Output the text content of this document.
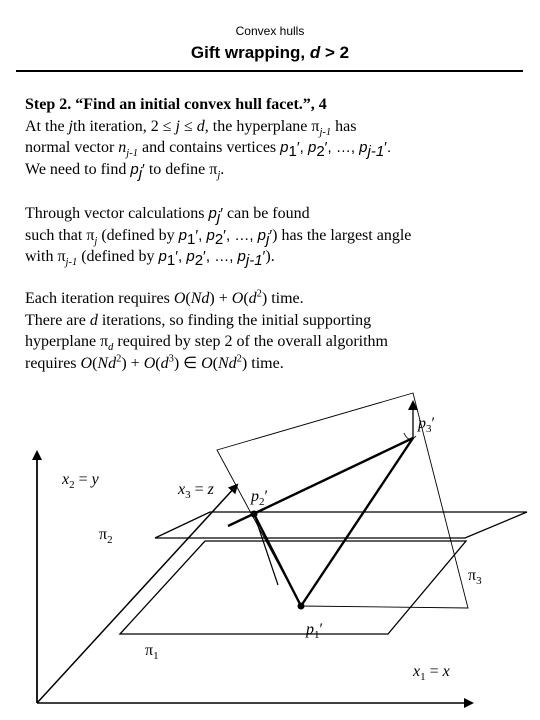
Convex hulls
Gift wrapping, d > 2
Step 2. “Find an initial convex hull facet.”, 4
At the jth iteration, 2 ≤ j ≤ d, the hyperplane $\pi_{j-1}$ has
normal vector $n_{j-1}$ and contains vertices $p_1'$, $p_2'$, …, $p_{j-1}'$.
We need to find $p_j'$ to define $\pi_j$.
Through vector calculations $p_j'$ can be found
such that $\pi_j$ (defined by $p_1'$, $p_2'$, …, $p_j'$) has the largest angle
with $\pi_{j-1}$ (defined by $p_1'$, $p_2'$, …, $p_{j-1}'$).
Each iteration requires $O(Nd) + O(d^2)$ time.
There are d iterations, so finding the initial supporting
hyperplane $\pi_d$ required by step 2 of the overall algorithm
requires $O(Nd^2) + O(d^3)$ ∈ O(Nd$^2$) time.
$p_3'$
$p_2'$
$p_1'$
$x_2 = y$
$x_3 = z$
$x_1 = x$
$\pi_2$
$\pi_3$
$\pi_1$
